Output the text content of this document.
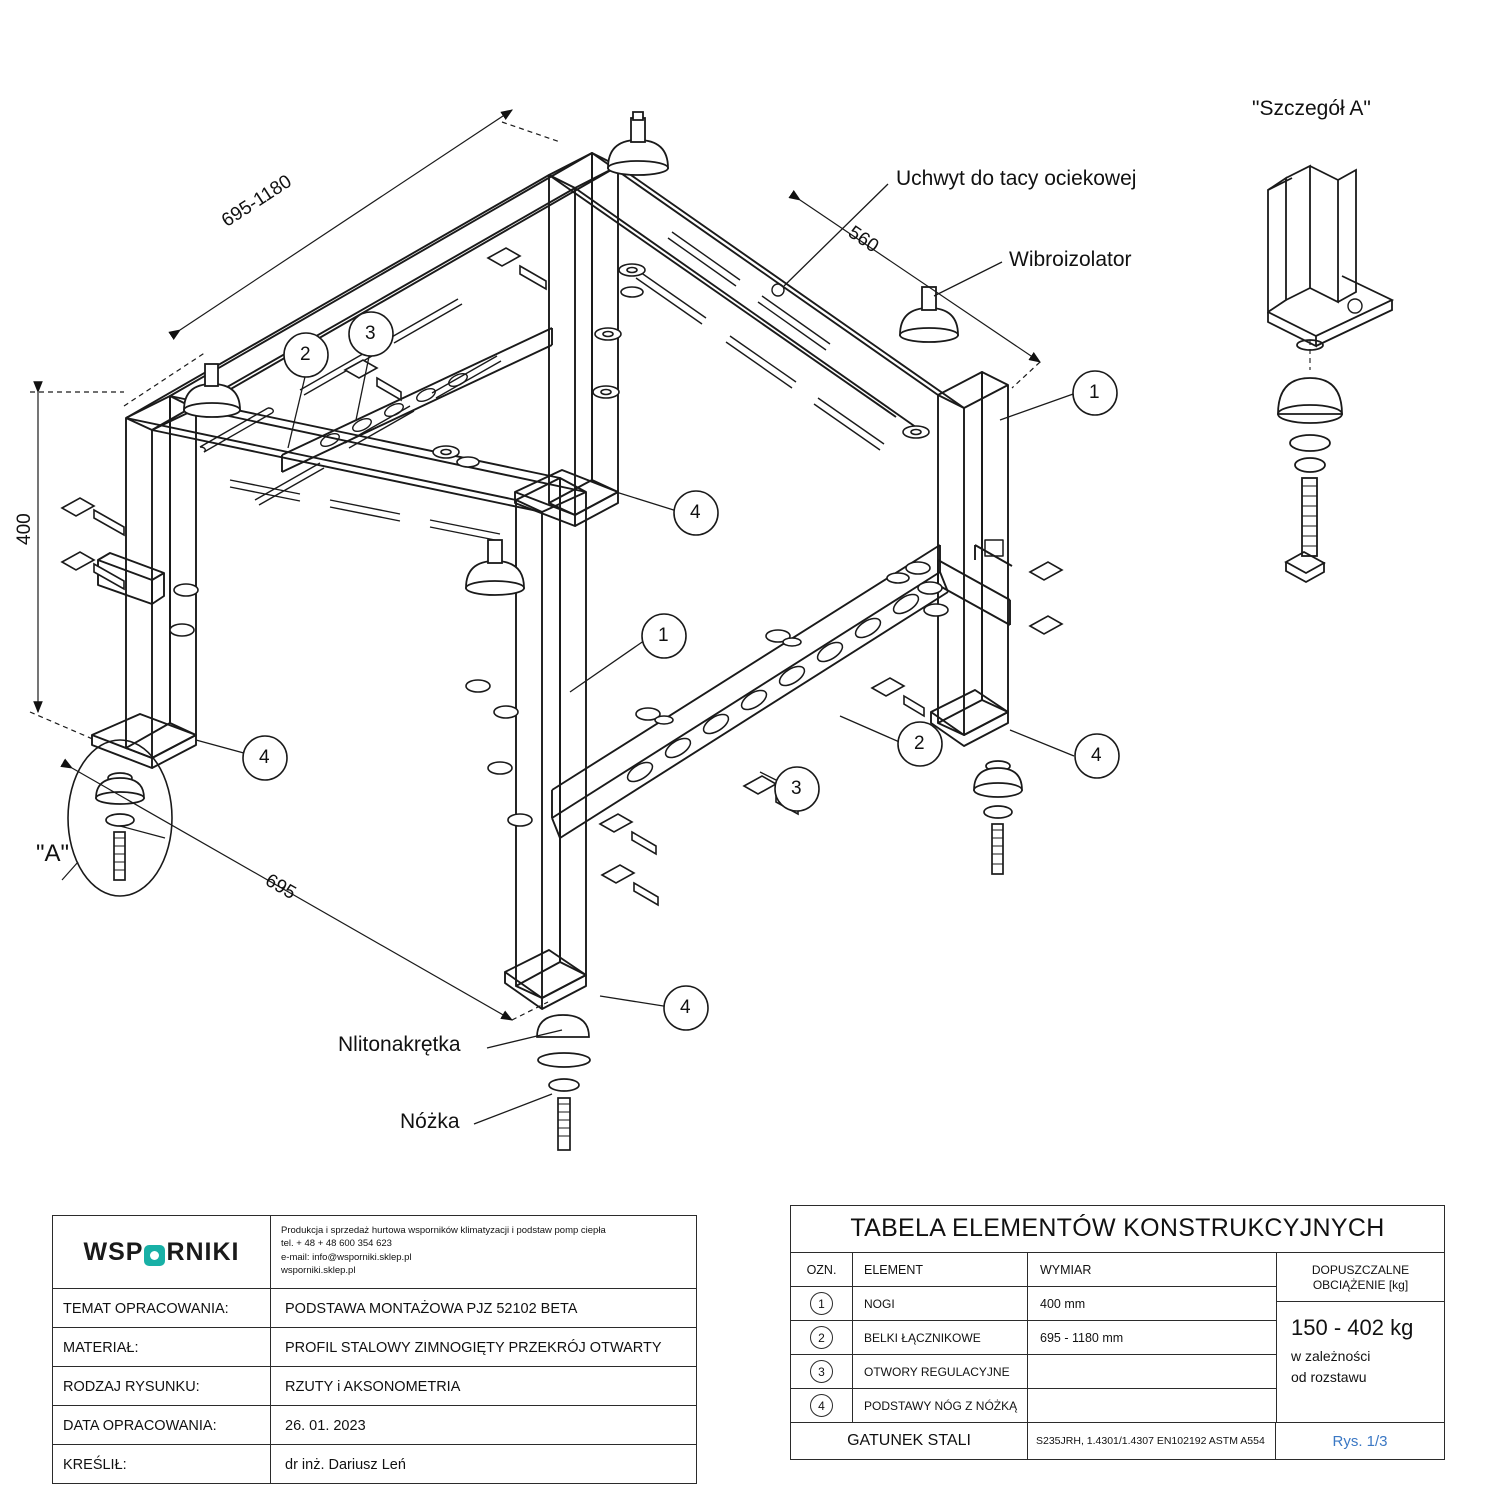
"Szczegół A"
Uchwyt do tacy ociekowej
Wibroizolator
Nlitonakrętka
Nóżka
"A"
695-1180
400
560
695
1
1
2
2
3
3
4
4	4
4
WSP RNIKI
Produkcja i sprzedaż hurtowa wsporników klimatyzacji i podstaw pomp ciepła
tel. + 48 + 48 600 354 623
e-mail: info@wsporniki.sklep.pl
wsporniki.sklep.pl
TEMAT OPRACOWANIA:	PODSTAWA MONTAŻOWA PJZ 52102 BETA
MATERIAŁ:	PROFIL STALOWY ZIMNOGIĘTY PRZEKRÓJ OTWARTY
RODZAJ RYSUNKU:	RZUTY i AKSONOMETRIA
DATA OPRACOWANIA:	26. 01. 2023
KREŚLIŁ:	dr inż. Dariusz Leń
TABELA ELEMENTÓW KONSTRUKCYJNYCH
OZN.	ELEMENT	WYMIAR
1	NOGI	400 mm
2	BELKI ŁĄCZNIKOWE	695 - 1180 mm
3	OTWORY REGULACYJNE
4	PODSTAWY NÓG Z NÓŻKĄ
DOPUSZCZALNE OBCIĄŻENIE [kg]
150 - 402 kg
w zależności
od rozstawu
GATUNEK STALI	S235JRH, 1.4301/1.4307 EN102192 ASTM A554	Rys. 1/3
